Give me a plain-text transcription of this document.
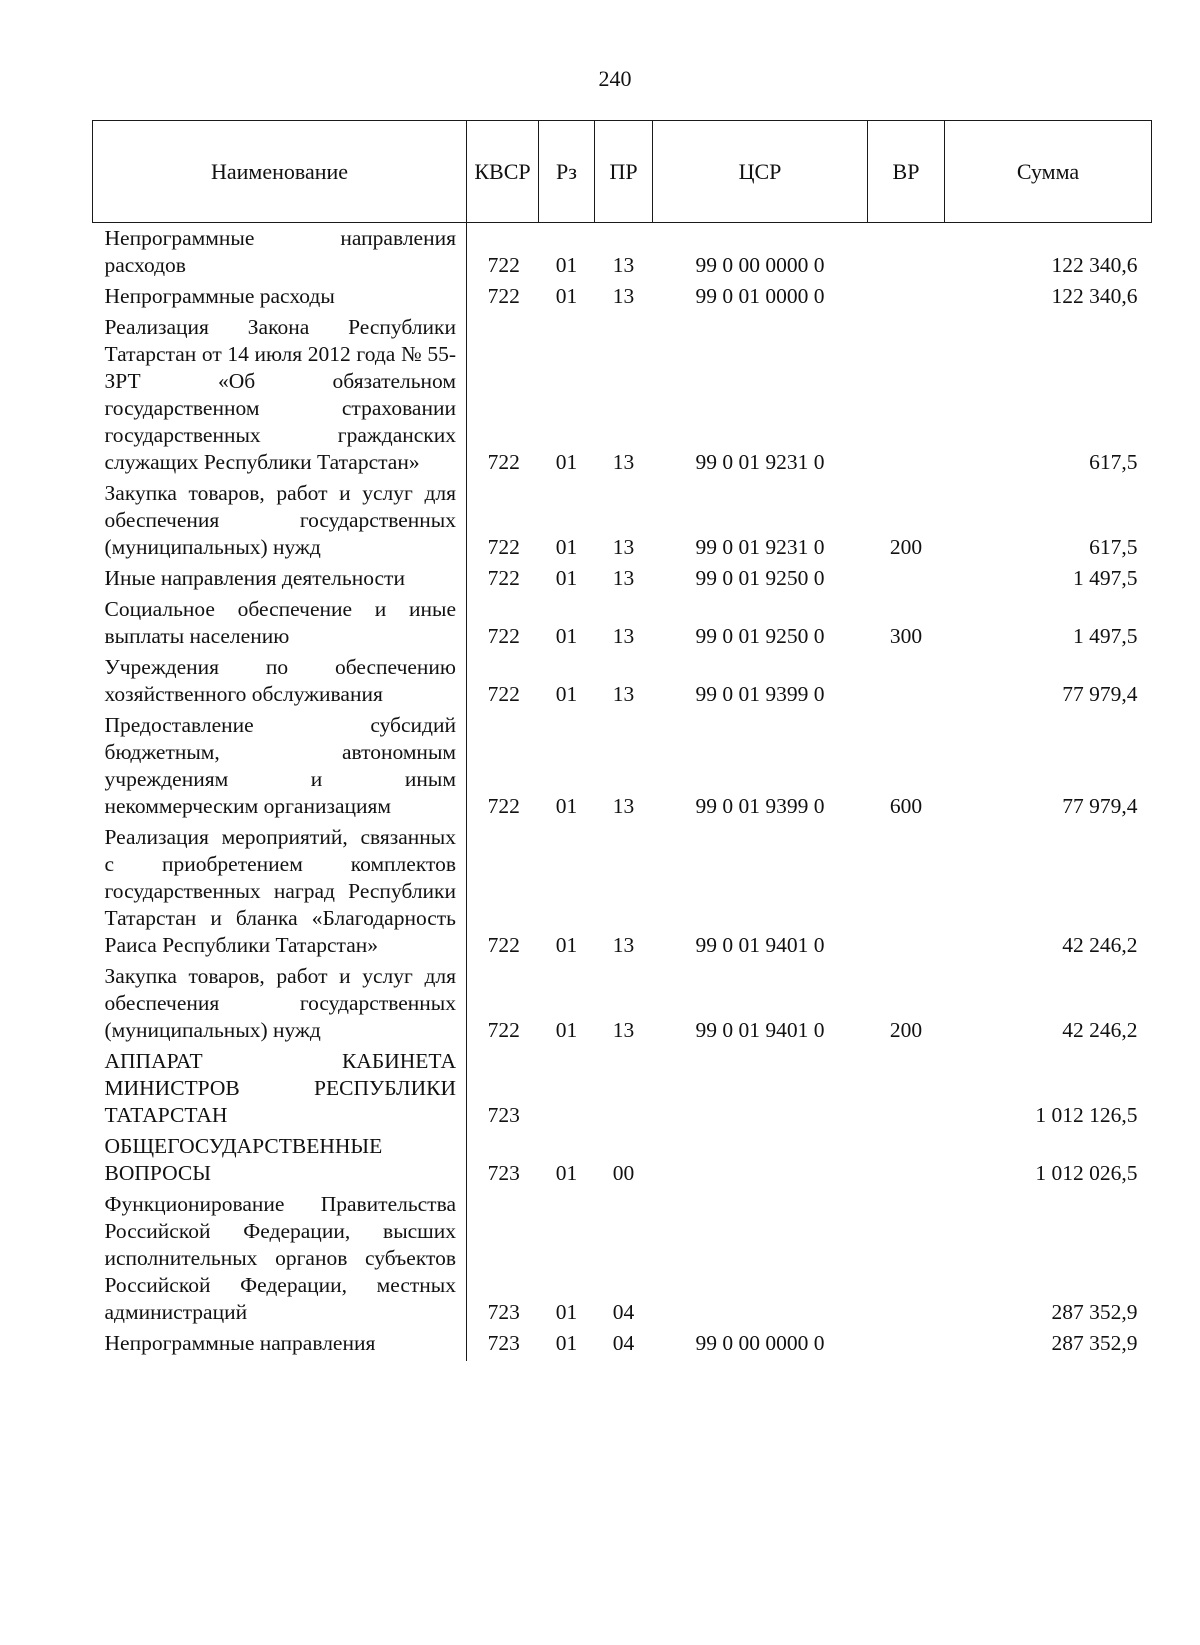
240
Наименование	КВСР	Рз	ПР	ЦСР	ВР	Сумма
Непрограммные направления расходов	722	01	13	99 0 00 0000 0		122 340,6
Непрограммные расходы	722	01	13	99 0 01 0000 0		122 340,6
Реализация Закона Республики Татарстан от 14 июля 2012 года № 55-ЗРТ «Об обязательном государственном страховании государственных гражданских служащих Республики Татарстан»	722	01	13	99 0 01 9231 0		617,5
Закупка товаров, работ и услуг для обеспечения государственных (муниципальных) нужд	722	01	13	99 0 01 9231 0	200	617,5
Иные направления деятельности	722	01	13	99 0 01 9250 0		1 497,5
Социальное обеспечение и иные выплаты населению	722	01	13	99 0 01 9250 0	300	1 497,5
Учреждения по обеспечению хозяйственного обслуживания	722	01	13	99 0 01 9399 0		77 979,4
Предоставление субсидий бюджетным, автономным учреждениям и иным некоммерческим организациям	722	01	13	99 0 01 9399 0	600	77 979,4
Реализация мероприятий, связанных с приобретением комплектов государственных наград Республики Татарстан и бланка «Благодарность Раиса Республики Татарстан»	722	01	13	99 0 01 9401 0		42 246,2
Закупка товаров, работ и услуг для обеспечения государственных (муниципальных) нужд	722	01	13	99 0 01 9401 0	200	42 246,2
АППАРАТ КАБИНЕТА МИНИСТРОВ РЕСПУБЛИКИ ТАТАРСТАН	723					1 012 126,5
ОБЩЕГОСУДАРСТВЕННЫЕ ВОПРОСЫ	723	01	00			1 012 026,5
Функционирование Правительства Российской Федерации, высших исполнительных органов субъектов Российской Федерации, местных администраций	723	01	04			287 352,9
Непрограммные направления	723	01	04	99 0 00 0000 0		287 352,9
